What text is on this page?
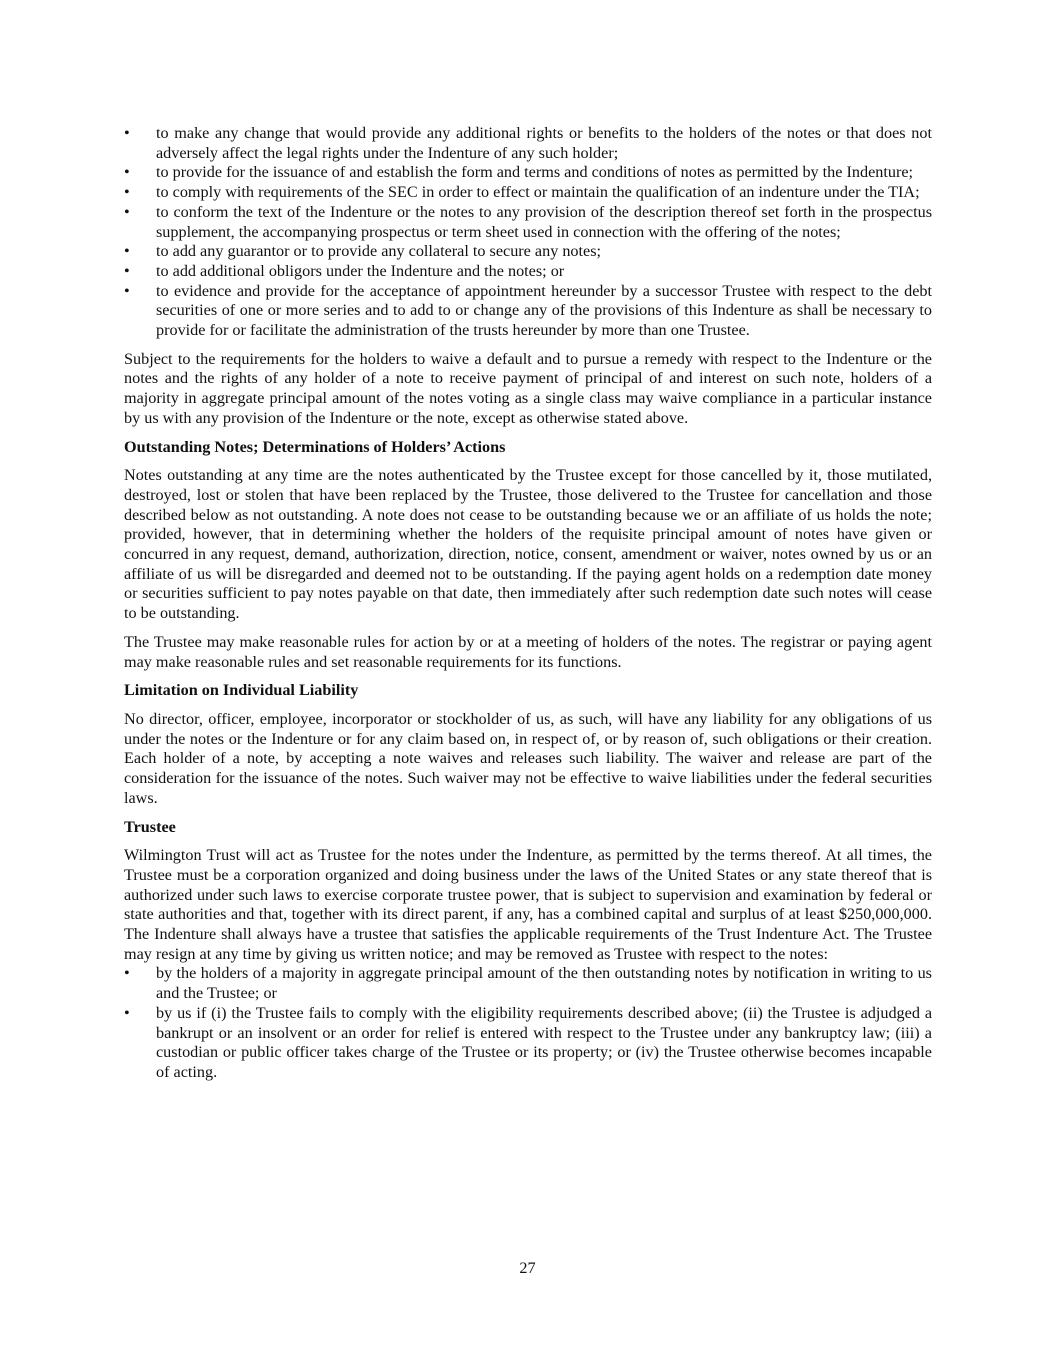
• to make any change that would provide any additional rights or benefits to the holders of the notes or that does not adversely affect the legal rights under the Indenture of any such holder;
• to provide for the issuance of and establish the form and terms and conditions of notes as permitted by the Indenture;
• to comply with requirements of the SEC in order to effect or maintain the qualification of an indenture under the TIA;
• to conform the text of the Indenture or the notes to any provision of the description thereof set forth in the prospectus supplement, the accompanying prospectus or term sheet used in connection with the offering of the notes;
• to add any guarantor or to provide any collateral to secure any notes;
• to add additional obligors under the Indenture and the notes; or
• to evidence and provide for the acceptance of appointment hereunder by a successor Trustee with respect to the debt securities of one or more series and to add to or change any of the provisions of this Indenture as shall be necessary to provide for or facilitate the administration of the trusts hereunder by more than one Trustee.

Subject to the requirements for the holders to waive a default and to pursue a remedy with respect to the Indenture or the notes and the rights of any holder of a note to receive payment of principal of and interest on such note, holders of a majority in aggregate principal amount of the notes voting as a single class may waive compliance in a particular instance by us with any provision of the Indenture or the note, except as otherwise stated above.

Outstanding Notes; Determinations of Holders’ Actions

Notes outstanding at any time are the notes authenticated by the Trustee except for those cancelled by it, those mutilated, destroyed, lost or stolen that have been replaced by the Trustee, those delivered to the Trustee for cancellation and those described below as not outstanding. A note does not cease to be outstanding because we or an affiliate of us holds the note; provided, however, that in determining whether the holders of the requisite principal amount of notes have given or concurred in any request, demand, authorization, direction, notice, consent, amendment or waiver, notes owned by us or an affiliate of us will be disregarded and deemed not to be outstanding. If the paying agent holds on a redemption date money or securities sufficient to pay notes payable on that date, then immediately after such redemption date such notes will cease to be outstanding.

The Trustee may make reasonable rules for action by or at a meeting of holders of the notes. The registrar or paying agent may make reasonable rules and set reasonable requirements for its functions.

Limitation on Individual Liability

No director, officer, employee, incorporator or stockholder of us, as such, will have any liability for any obligations of us under the notes or the Indenture or for any claim based on, in respect of, or by reason of, such obligations or their creation. Each holder of a note, by accepting a note waives and releases such liability. The waiver and release are part of the consideration for the issuance of the notes. Such waiver may not be effective to waive liabilities under the federal securities laws.

Trustee

Wilmington Trust will act as Trustee for the notes under the Indenture, as permitted by the terms thereof. At all times, the Trustee must be a corporation organized and doing business under the laws of the United States or any state thereof that is authorized under such laws to exercise corporate trustee power, that is subject to supervision and examination by federal or state authorities and that, together with its direct parent, if any, has a combined capital and surplus of at least $250,000,000. The Indenture shall always have a trustee that satisfies the applicable requirements of the Trust Indenture Act. The Trustee may resign at any time by giving us written notice; and may be removed as Trustee with respect to the notes:

• by the holders of a majority in aggregate principal amount of the then outstanding notes by notification in writing to us and the Trustee; or
• by us if (i) the Trustee fails to comply with the eligibility requirements described above; (ii) the Trustee is adjudged a bankrupt or an insolvent or an order for relief is entered with respect to the Trustee under any bankruptcy law; (iii) a custodian or public officer takes charge of the Trustee or its property; or (iv) the Trustee otherwise becomes incapable of acting.
27
